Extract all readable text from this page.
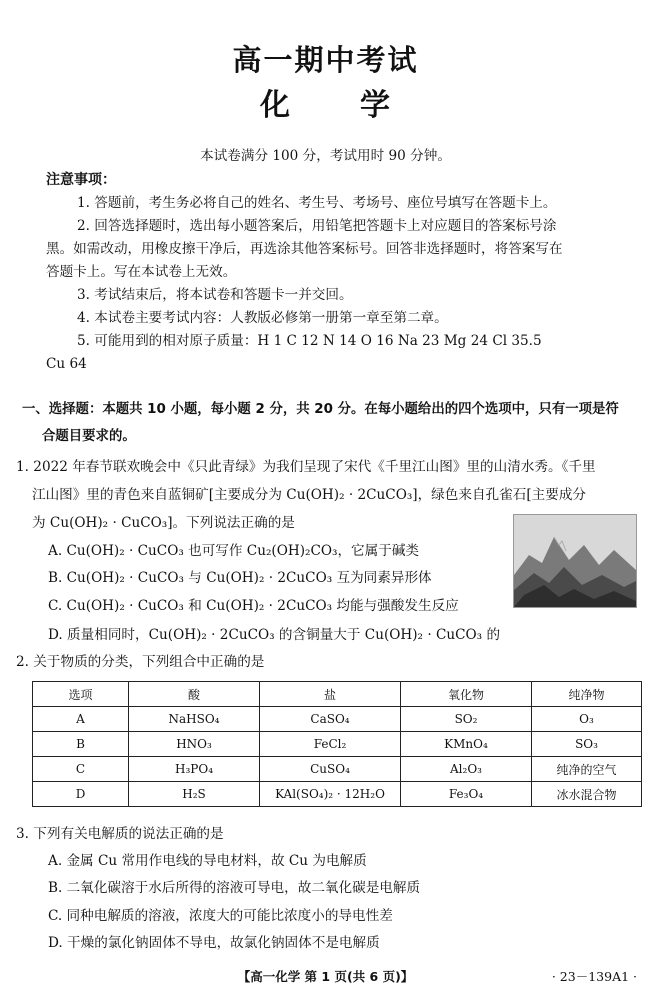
高一期中考试
化 学
本试卷满分 100 分，考试用时 90 分钟。
注意事项：
1. 答题前，考生务必将自己的姓名、考生号、考场号、座位号填写在答题卡上。
2. 回答选择题时，选出每小题答案后，用铅笔把答题卡上对应题目的答案标号涂
黑。如需改动，用橡皮擦干净后，再选涂其他答案标号。回答非选择题时，将答案写在
答题卡上。写在本试卷上无效。
3. 考试结束后，将本试卷和答题卡一并交回。
4. 本试卷主要考试内容：人教版必修第一册第一章至第二章。
5. 可能用到的相对原子质量：H 1 C 12 N 14 O 16 Na 23 Mg 24 Cl 35.5
Cu 64
一、选择题：本题共 10 小题，每小题 2 分，共 20 分。在每小题给出的四个选项中，只有一项是符
合题目要求的。
1. 2022 年春节联欢晚会中《只此青绿》为我们呈现了宋代《千里江山图》里的山清水秀。《千里
江山图》里的青色来自蓝铜矿[主要成分为 Cu(OH)₂ · 2CuCO₃]，绿色来自孔雀石[主要成分
为 Cu(OH)₂ · CuCO₃]。下列说法正确的是
A. Cu(OH)₂ · CuCO₃ 也可写作 Cu₂(OH)₂CO₃，它属于碱类
B. Cu(OH)₂ · CuCO₃ 与 Cu(OH)₂ · 2CuCO₃ 互为同素异形体
C. Cu(OH)₂ · CuCO₃ 和 Cu(OH)₂ · 2CuCO₃ 均能与强酸发生反应
D. 质量相同时，Cu(OH)₂ · 2CuCO₃ 的含铜量大于 Cu(OH)₂ · CuCO₃ 的
2. 关于物质的分类，下列组合中正确的是
选项	酸	盐	氧化物	纯净物
A	NaHSO₄	CaSO₄	SO₂	O₃
B	HNO₃	FeCl₂	KMnO₄	SO₃
C	H₃PO₄	CuSO₄	Al₂O₃	纯净的空气
D	H₂S	KAl(SO₄)₂ · 12H₂O	Fe₃O₄	冰水混合物
3. 下列有关电解质的说法正确的是
A. 金属 Cu 常用作电线的导电材料，故 Cu 为电解质
B. 二氧化碳溶于水后所得的溶液可导电，故二氧化碳是电解质
C. 同种电解质的溶液，浓度大的可能比浓度小的导电性差
D. 干燥的氯化钠固体不导电，故氯化钠固体不是电解质
【高一化学 第 1 页(共 6 页)】	· 23－139A1 ·
